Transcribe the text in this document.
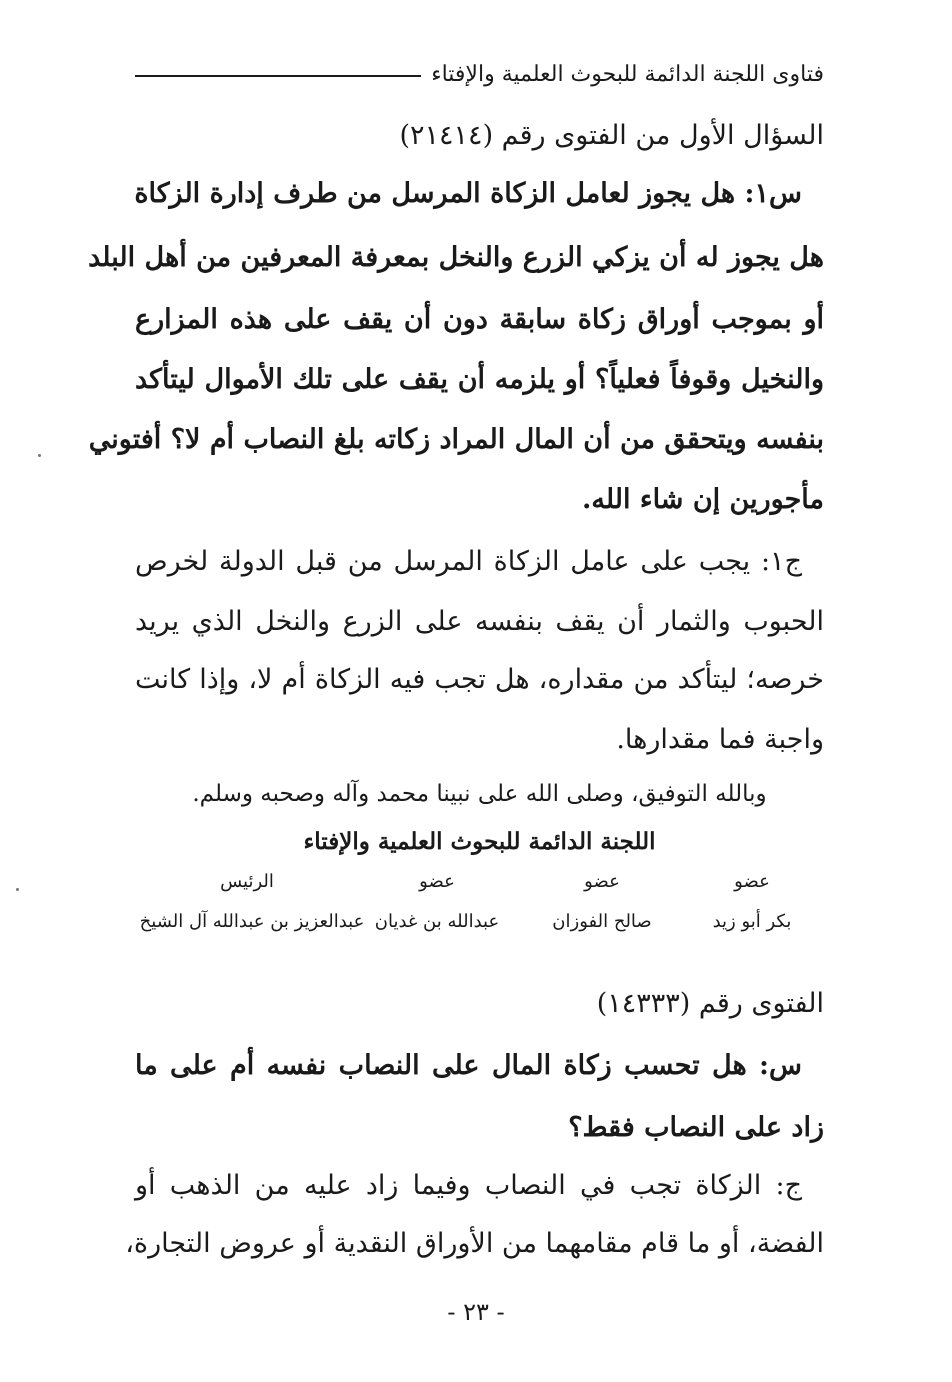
فتاوى اللجنة الدائمة للبحوث العلمية والإفتاء
السؤال الأول من الفتوى رقم (٢١٤١٤)
س١: هل يجوز لعامل الزكاة المرسل من طرف إدارة الزكاة
هل يجوز له أن يزكي الزرع والنخل بمعرفة المعرفين من أهل البلد
أو بموجب أوراق زكاة سابقة دون أن يقف على هذه المزارع
والنخيل وقوفاً فعلياً؟ أو يلزمه أن يقف على تلك الأموال ليتأكد
بنفسه ويتحقق من أن المال المراد زكاته بلغ النصاب أم لا؟ أفتوني
مأجورين إن شاء الله.
ج١: يجب على عامل الزكاة المرسل من قبل الدولة لخرص
الحبوب والثمار أن يقف بنفسه على الزرع والنخل الذي يريد
خرصه؛ ليتأكد من مقداره، هل تجب فيه الزكاة أم لا، وإذا كانت
واجبة فما مقدارها.
وبالله التوفيق، وصلى الله على نبينا محمد وآله وصحبه وسلم.
اللجنة الدائمة للبحوث العلمية والإفتاء
عضو
عضو
عضو
الرئيس
بكر أبو زيد
صالح الفوزان
عبدالله بن غديان
عبدالعزيز بن عبدالله آل الشيخ
الفتوى رقم (١٤٣٣٣)
س: هل تحسب زكاة المال على النصاب نفسه أم على ما
زاد على النصاب فقط؟
ج: الزكاة تجب في النصاب وفيما زاد عليه من الذهب أو
الفضة، أو ما قام مقامهما من الأوراق النقدية أو عروض التجارة،
- ٢٣ -
